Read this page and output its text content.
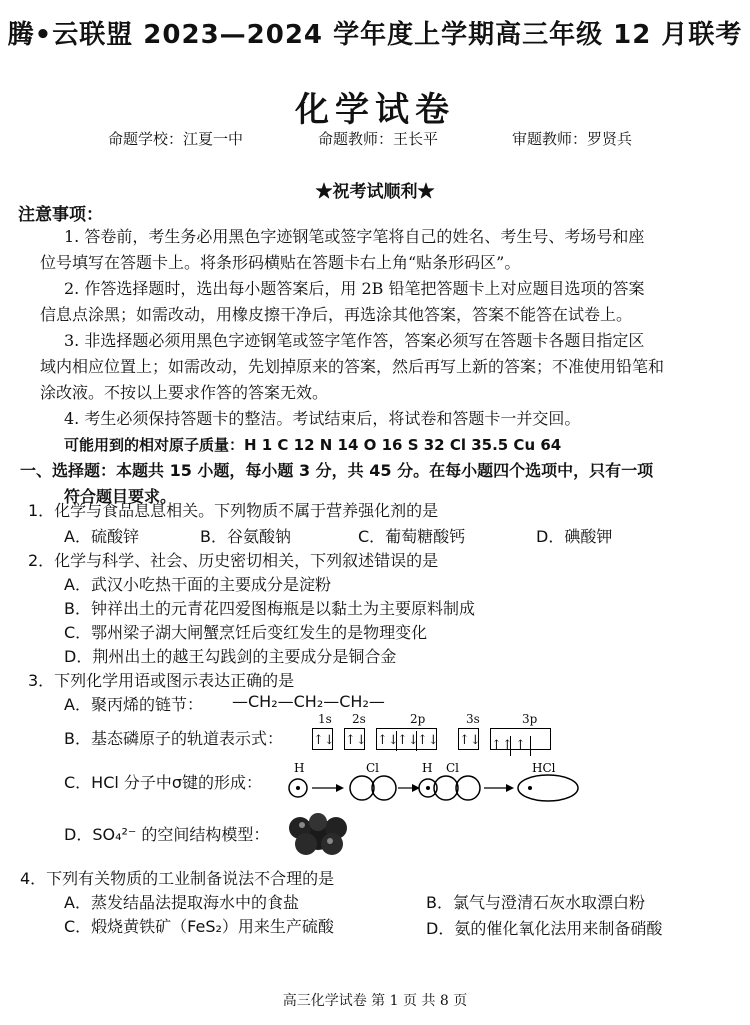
腾•云联盟 2023—2024 学年度上学期高三年级 12 月联考
化学试卷
命题学校：江夏一中	命题教师：王长平	审题教师：罗贤兵
★祝考试顺利★
注意事项：
1. 答卷前，考生务必用黑色字迹钢笔或签字笔将自己的姓名、考生号、考场号和座
位号填写在答题卡上。将条形码横贴在答题卡右上角“贴条形码区”。
2. 作答选择题时，选出每小题答案后，用 2B 铅笔把答题卡上对应题目选项的答案
信息点涂黑；如需改动，用橡皮擦干净后，再选涂其他答案，答案不能答在试卷上。
3. 非选择题必须用黑色字迹钢笔或签字笔作答，答案必须写在答题卡各题目指定区
域内相应位置上；如需改动，先划掉原来的答案，然后再写上新的答案；不准使用铅笔和
涂改液。不按以上要求作答的答案无效。
4. 考生必须保持答题卡的整洁。考试结束后，将试卷和答题卡一并交回。
可能用到的相对原子质量：H 1 C 12 N 14 O 16 S 32 Cl 35.5 Cu 64
一、选择题：本题共 15 小题，每小题 3 分，共 45 分。在每小题四个选项中，只有一项
符合题目要求。
1．化学与食品息息相关。下列物质不属于营养强化剂的是
A．硫酸锌	B．谷氨酸钠	C．葡萄糖酸钙	D．碘酸钾
2．化学与科学、社会、历史密切相关，下列叙述错误的是
A．武汉小吃热干面的主要成分是淀粉
B．钟祥出土的元青花四爱图梅瓶是以黏土为主要原料制成
C．鄂州梁子湖大闸蟹烹饪后变红发生的是物理变化
D．荆州出土的越王勾践剑的主要成分是铜合金
3．下列化学用语或图示表达正确的是
A．聚丙烯的链节： —CH₂—CH₂—CH₂—
B．基态磷原子的轨道表示式：
1s 2s	2p	3s	3p
↑↓ ↑↓ ↑↓↑↓↑↓ ↑↓ ↑↑ ↑
C．HCl 分子中σ键的形成：
H	Cl	H Cl	HCl
D．SO₄²⁻ 的空间结构模型：
4．下列有关物质的工业制备说法不合理的是
A．蒸发结晶法提取海水中的食盐	B．氯气与澄清石灰水取漂白粉
C．煅烧黄铁矿（FeS₂）用来生产硫酸	D．氨的催化氧化法用来制备硝酸
高三化学试卷 第 1 页 共 8 页
